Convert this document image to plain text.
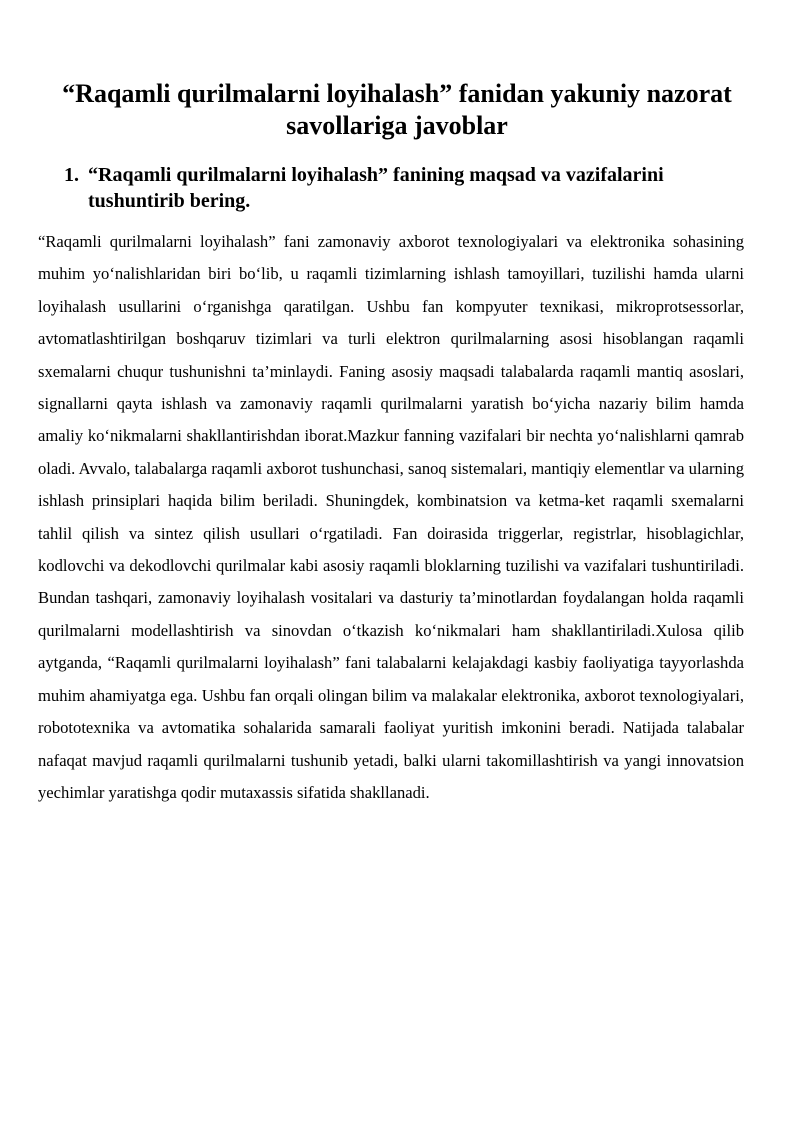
“Raqamli qurilmalarni loyihalash” fanidan yakuniy nazorat savollariga javoblar
1. “Raqamli qurilmalarni loyihalash” fanining maqsad va vazifalarini tushuntirib bering.

“Raqamli qurilmalarni loyihalash” fani zamonaviy axborot texnologiyalari va elektronika sohasining muhim yo‘nalishlaridan biri bo‘lib, u raqamli tizimlarning ishlash tamoyillari, tuzilishi hamda ularni loyihalash usullarini o‘rganishga qaratilgan. Ushbu fan kompyuter texnikasi, mikroprotsessorlar, avtomatlashtirilgan boshqaruv tizimlari va turli elektron qurilmalarning asosi hisoblangan raqamli sxemalarni chuqur tushunishni ta’minlaydi. Faning asosiy maqsadi talabalarda raqamli mantiq asoslari, signallarni qayta ishlash va zamonaviy raqamli qurilmalarni yaratish bo‘yicha nazariy bilim hamda amaliy ko‘nikmalarni shakllantirishdan iborat.Mazkur fanning vazifalari bir nechta yo‘nalishlarni qamrab oladi. Avvalo, talabalarga raqamli axborot tushunchasi, sanoq sistemalari, mantiqiy elementlar va ularning ishlash prinsiplari haqida bilim beriladi. Shuningdek, kombinatsion va ketma-ket raqamli sxemalarni tahlil qilish va sintez qilish usullari o‘rgatiladi. Fan doirasida triggerlar, registrlar, hisoblagichlar, kodlovchi va dekodlovchi qurilmalar kabi asosiy raqamli bloklarning tuzilishi va vazifalari tushuntiriladi. Bundan tashqari, zamonaviy loyihalash vositalari va dasturiy ta’minotlardan foydalangan holda raqamli qurilmalarni modellashtirish va sinovdan o‘tkazish ko‘nikmalari ham shakllantiriladi.Xulosa qilib aytganda, “Raqamli qurilmalarni loyihalash” fani talabalarni kelajakdagi kasbiy faoliyatiga tayyorlashda muhim ahamiyatga ega. Ushbu fan orqali olingan bilim va malakalar elektronika, axborot texnologiyalari, robototexnika va avtomatika sohalarida samarali faoliyat yuritish imkonini beradi. Natijada talabalar nafaqat mavjud raqamli qurilmalarni tushunib yetadi, balki ularni takomillashtirish va yangi innovatsion yechimlar yaratishga qodir mutaxassis sifatida shakllanadi.
